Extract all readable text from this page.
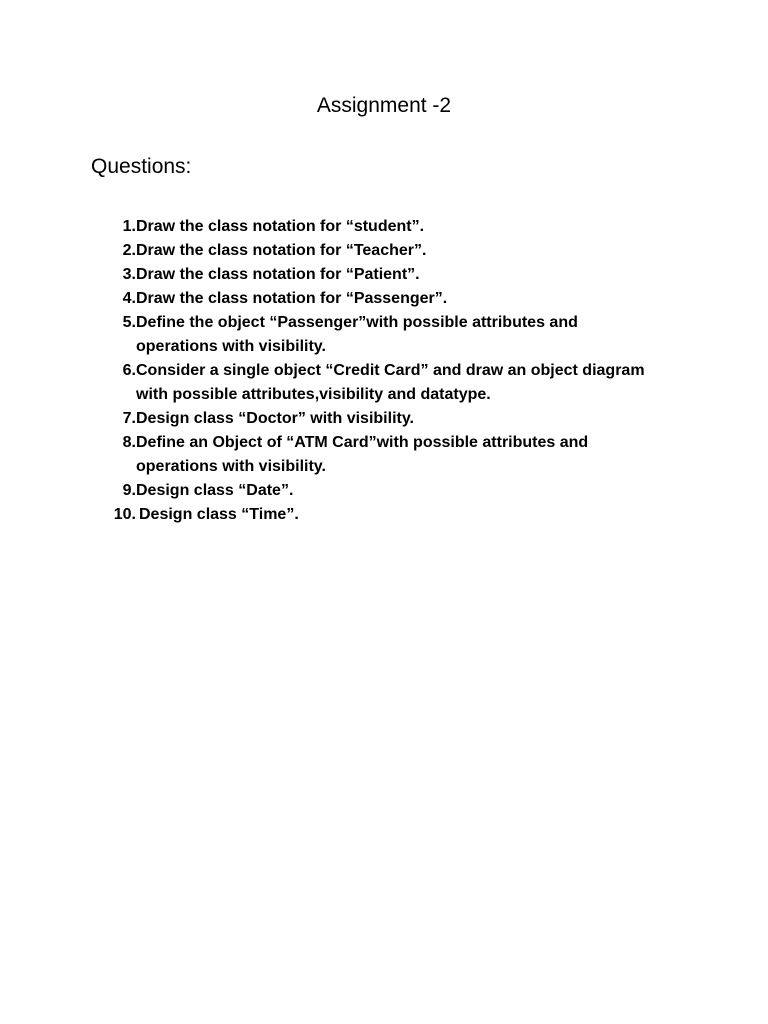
Assignment -2
Questions:
1. Draw the class notation for “student”.
2. Draw the class notation for “Teacher”.
3. Draw the class notation for “Patient”.
4. Draw the class notation for “Passenger”.
5. Define the object “Passenger”with possible attributes and operations with visibility.
6. Consider a single object “Credit Card” and draw an object diagram with possible attributes,visibility and datatype.
7. Design class “Doctor” with visibility.
8. Define an Object of “ATM Card”with possible attributes and operations with visibility.
9. Design class “Date”.
10. Design class “Time”.
